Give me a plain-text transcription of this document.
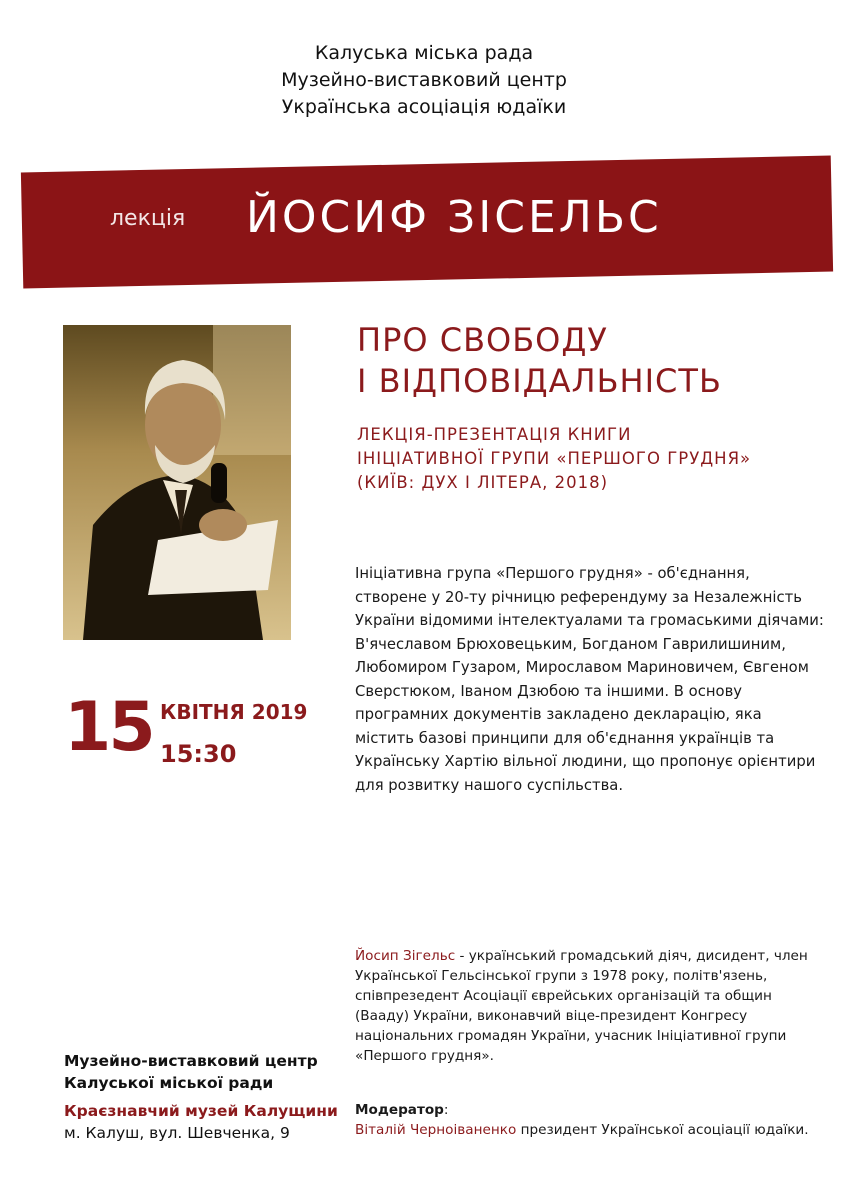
Калуська міська рада
Музейно-виставковий центр
Українська асоціація юдаїки
лекція ЙОСИФ ЗІСЕЛЬС
ПРО СВОБОДУ
І ВІДПОВІДАЛЬНІСТЬ
ЛЕКЦІЯ-ПРЕЗЕНТАЦІЯ КНИГИ
ІНІЦІАТИВНОЇ ГРУПИ «ПЕРШОГО ГРУДНЯ»
(КИЇВ: ДУХ І ЛІТЕРА, 2018)
Ініціативна група «Першого грудня» - об'єднання, створене у 20-ту річницю референдуму за Незалежність України відомими інтелектуалами та громаськими діячами: В'ячеславом Брюховецьким, Богданом Гаврилишиним, Любомиром Гузаром, Мирославом Мариновичем, Євгеном Сверстюком, Іваном Дзюбою та іншими. В основу програмних документів закладено декларацію, яка містить базові принципи для об'єднання українців та Українську Хартію вільної людини, що пропонує орієнтири для розвитку нашого суспільства.
15 КВІТНЯ 2019
15:30
Йосип Зігельс - український громадський діяч, дисидент, член Української Гельсінської групи з 1978 року, політв'язень, співпрезедент Асоціації єврейських організацій та общин (Вааду) України, виконавчий віце-президент Конгресу національних громадян України, учасник Ініціативної групи «Першого грудня».
Музейно-виставковий центр
Калуської міської ради
Краєзнавчий музей Калущини
м. Калуш, вул. Шевченка, 9
Модератор:
Віталій Черноіваненко президент Української асоціації юдаїки.
